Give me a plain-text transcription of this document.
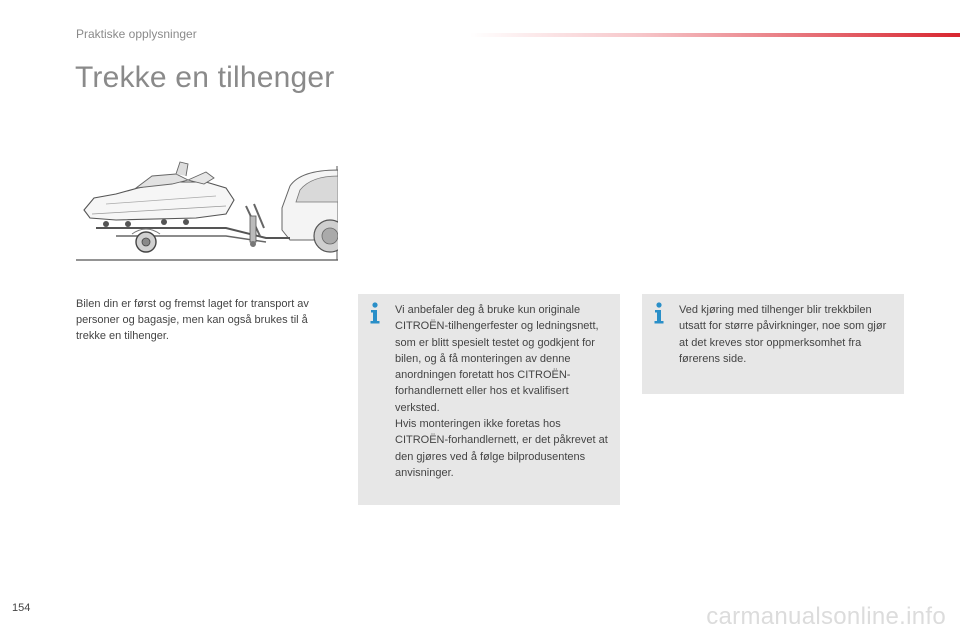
Praktiske opplysninger
Trekke en tilhenger
Bilen din er først og fremst laget for transport av personer og bagasje, men kan også brukes til å trekke en tilhenger.

Vi anbefaler deg å bruke kun originale CITROËN-tilhengerfester og ledningsnett, som er blitt spesielt testet og godkjent for bilen, og å få monteringen av denne anordningen foretatt hos CITROËN-forhandlernett eller hos et kvalifisert verksted.

Hvis monteringen ikke foretas hos CITROËN-forhandlernett, er det påkrevet at den gjøres ved å følge bilprodusentens anvisninger.

Ved kjøring med tilhenger blir trekkbilen utsatt for større påvirkninger, noe som gjør at det kreves stor oppmerksomhet fra førerens side.

154	carmanualsonline.info
